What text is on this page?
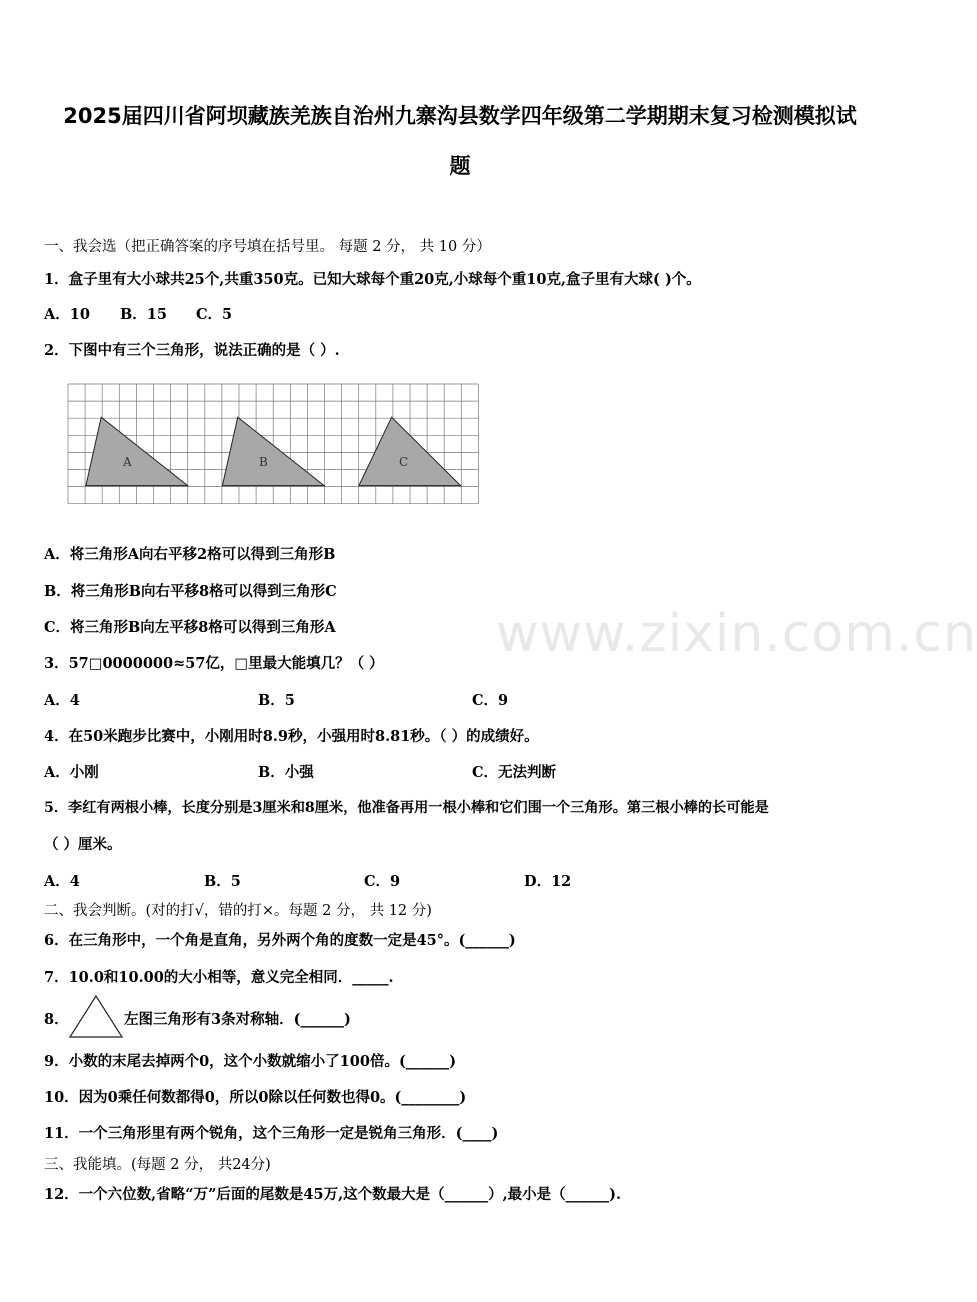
2025届四川省阿坝藏族羌族自治州九寨沟县数学四年级第二学期期末复习检测模拟试
题
一、我会选（把正确答案的序号填在括号里。 每题 2 分， 共 10 分）
1．盒子里有大小球共25个,共重350克。已知大球每个重20克,小球每个重10克,盒子里有大球( )个。
A．10 B．15 C．5
2．下图中有三个三角形，说法正确的是（ ）.
A	B	C
A．将三角形A向右平移2格可以得到三角形B
B．将三角形B向右平移8格可以得到三角形C
C．将三角形B向左平移8格可以得到三角形A	www.zixin.com.cn
3．57□0000000≈57亿，□里最大能填几？（ ）
A．4	B．5	C．9
4．在50米跑步比赛中，小刚用时8.9秒，小强用时8.81秒。（ ）的成绩好。
A．小刚	B．小强	C．无法判断
5．李红有两根小棒，长度分别是3厘米和8厘米，他准备再用一根小棒和它们围一个三角形。第三根小棒的长可能是
（ ）厘米。
A．4	B．5	C．9	D．12
二、我会判断。(对的打√，错的打×。每题 2 分， 共 12 分)
6．在三角形中，一个角是直角，另外两个角的度数一定是45°。(______)
7．10.0和10.00的大小相等，意义完全相同．_____.
8．	左图三角形有3条对称轴．(______)
9．小数的末尾去掉两个0，这个小数就缩小了100倍。(______)
10．因为0乘任何数都得0，所以0除以任何数也得0。(________)
11．一个三角形里有两个锐角，这个三角形一定是锐角三角形．(____)
三、我能填。(每题 2 分， 共24分)
12．一个六位数,省略“万”后面的尾数是45万,这个数最大是（______）,最小是（______).
